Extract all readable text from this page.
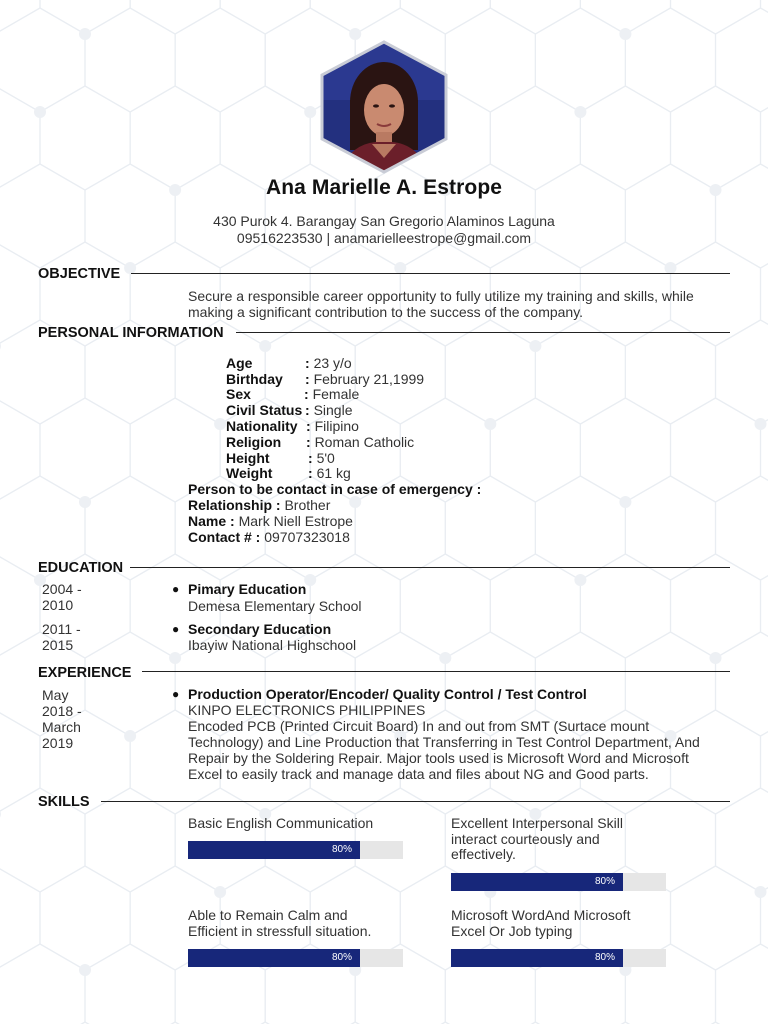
Ana Marielle A. Estrope
430 Purok 4. Barangay San Gregorio Alaminos Laguna
09516223530 | anamarielleestrope@gmail.com
OBJECTIVE
Secure a responsible career opportunity to fully utilize my training and skills, while
making a significant contribution to the success of the company.
PERSONAL INFORMATION
Age	: 23 y/o
Birthday : February 21,1999
Sex	: Female
Civil Status : Single
Nationality : Filipino
Religion : Roman Catholic
Height	: 5'0
Weight	: 61 kg
Person to be contact in case of emergency :
Relationship : Brother
Name : Mark Niell Estrope
Contact # : 09707323018
EDUCATION
2004 -
2010
● Pimary Education
Demesa Elementary School
2011 -
2015
● Secondary Education
Ibayiw National Highschool
EXPERIENCE
May
2018 -
March
2019
● Production Operator/Encoder/ Quality Control / Test Control
KINPO ELECTRONICS PHILIPPINES
Encoded PCB (Printed Circuit Board) In and out from SMT (Surtace mount
Technology) and Line Production that Transferring in Test Control Department, And
Repair by the Soldering Repair. Major tools used is Microsoft Word and Microsoft
Excel to easily track and manage data and files about NG and Good parts.
SKILLS
Basic English Communication
80%
Excellent Interpersonal Skill
interact courteously and
effectively.
80%
Able to Remain Calm and
Efficient in stressfull situation.
80%
Microsoft WordAnd Microsoft
Excel Or Job typing
80%
